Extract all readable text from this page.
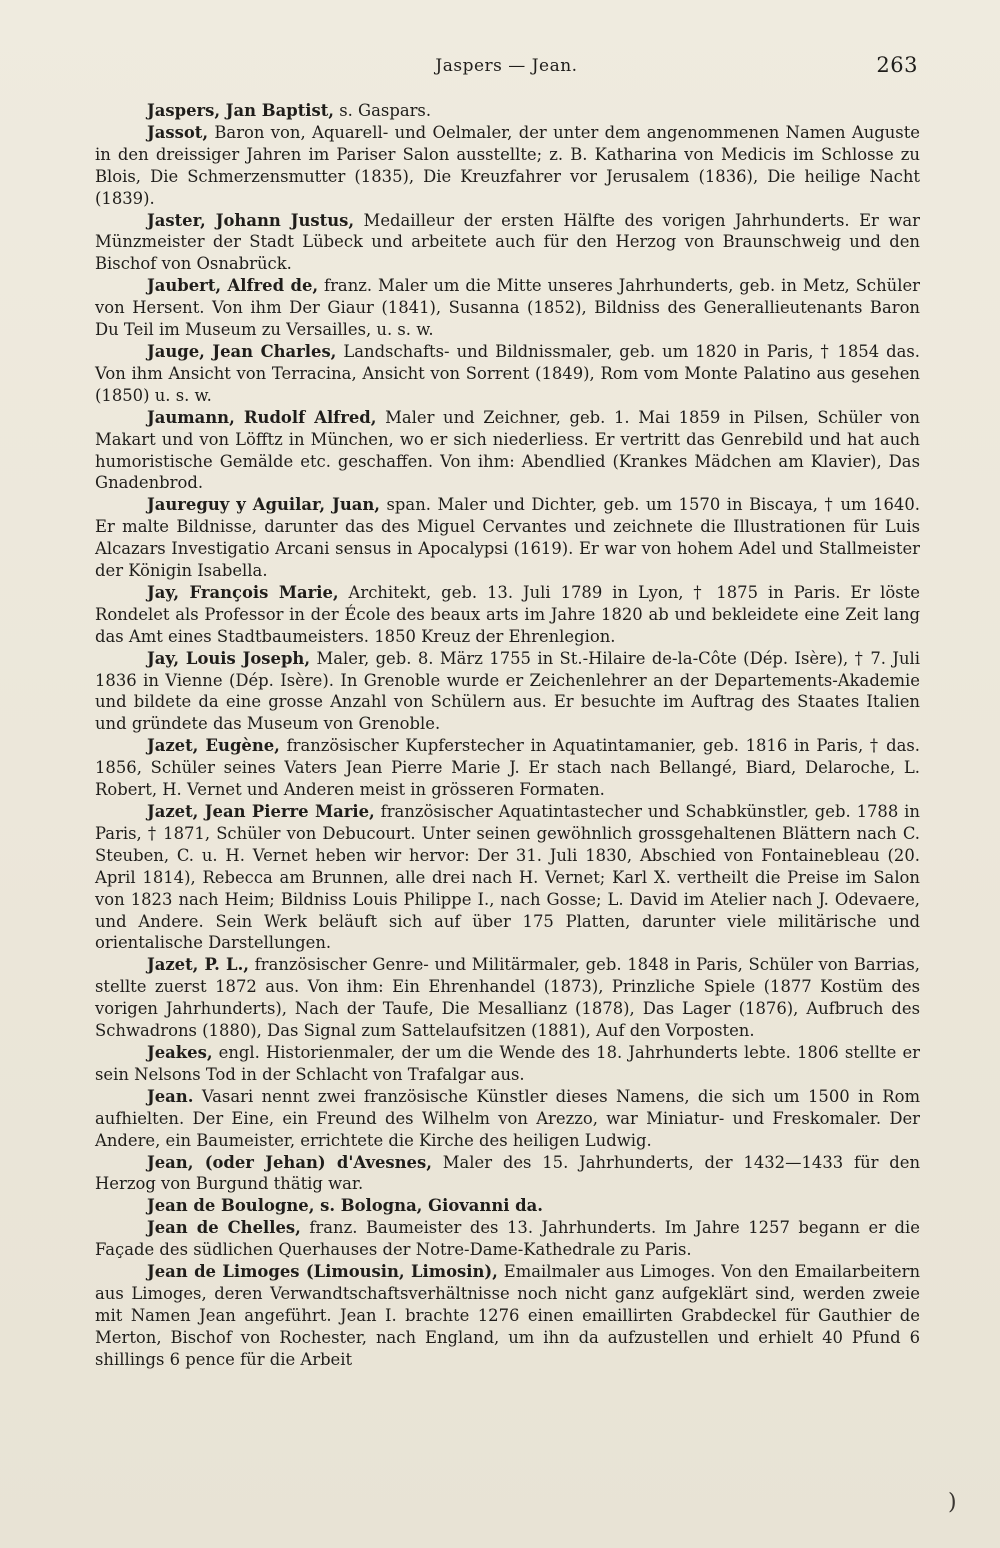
Jaspers — Jean.	263

Jaspers, Jan Baptist, s. Gaspars.

Jassot, Baron von, Aquarell- und Oelmaler, der unter dem angenommenen Namen Auguste in den dreissiger Jahren im Pariser Salon ausstellte; z. B. Katharina von Medicis im Schlosse zu Blois, Die Schmerzensmutter (1835), Die Kreuzfahrer vor Jerusalem (1836), Die heilige Nacht (1839).

Jaster, Johann Justus, Medailleur der ersten Hälfte des vorigen Jahrhunderts. Er war Münzmeister der Stadt Lübeck und arbeitete auch für den Herzog von Braunschweig und den Bischof von Osnabrück.

Jaubert, Alfred de, franz. Maler um die Mitte unseres Jahrhunderts, geb. in Metz, Schüler von Hersent. Von ihm Der Giaur (1841), Susanna (1852), Bildniss des Generallieutenants Baron Du Teil im Museum zu Versailles, u. s. w.

Jauge, Jean Charles, Landschafts- und Bildnissmaler, geb. um 1820 in Paris, † 1854 das. Von ihm Ansicht von Terracina, Ansicht von Sorrent (1849), Rom vom Monte Palatino aus gesehen (1850) u. s. w.

Jaumann, Rudolf Alfred, Maler und Zeichner, geb. 1. Mai 1859 in Pilsen, Schüler von Makart und von Löfftz in München, wo er sich niederliess. Er vertritt das Genrebild und hat auch humoristische Gemälde etc. geschaffen. Von ihm: Abendlied (Krankes Mädchen am Klavier), Das Gnadenbrod.

Jaureguy y Aguilar, Juan, span. Maler und Dichter, geb. um 1570 in Biscaya, † um 1640. Er malte Bildnisse, darunter das des Miguel Cervantes und zeichnete die Illustrationen für Luis Alcazars Investigatio Arcani sensus in Apocalypsi (1619). Er war von hohem Adel und Stallmeister der Königin Isabella.

Jay, François Marie, Architekt, geb. 13. Juli 1789 in Lyon, † 1875 in Paris. Er löste Rondelet als Professor in der École des beaux arts im Jahre 1820 ab und bekleidete eine Zeit lang das Amt eines Stadtbaumeisters. 1850 Kreuz der Ehrenlegion.

Jay, Louis Joseph, Maler, geb. 8. März 1755 in St.-Hilaire de-la-Côte (Dép. Isère), † 7. Juli 1836 in Vienne (Dép. Isère). In Grenoble wurde er Zeichenlehrer an der Departements-Akademie und bildete da eine grosse Anzahl von Schülern aus. Er besuchte im Auftrag des Staates Italien und gründete das Museum von Grenoble.

Jazet, Eugène, französischer Kupferstecher in Aquatintamanier, geb. 1816 in Paris, † das. 1856, Schüler seines Vaters Jean Pierre Marie J. Er stach nach Bellangé, Biard, Delaroche, L. Robert, H. Vernet und Anderen meist in grösseren Formaten.

Jazet, Jean Pierre Marie, französischer Aquatintastecher und Schabkünstler, geb. 1788 in Paris, † 1871, Schüler von Debucourt. Unter seinen gewöhnlich grossgehaltenen Blättern nach C. Steuben, C. u. H. Vernet heben wir hervor: Der 31. Juli 1830, Abschied von Fontainebleau (20. April 1814), Rebecca am Brunnen, alle drei nach H. Vernet; Karl X. vertheilt die Preise im Salon von 1823 nach Heim; Bildniss Louis Philippe I., nach Gosse; L. David im Atelier nach J. Odevaere, und Andere. Sein Werk beläuft sich auf über 175 Platten, darunter viele militärische und orientalische Darstellungen.

Jazet, P. L., französischer Genre- und Militärmaler, geb. 1848 in Paris, Schüler von Barrias, stellte zuerst 1872 aus. Von ihm: Ein Ehrenhandel (1873), Prinzliche Spiele (1877 Kostüm des vorigen Jahrhunderts), Nach der Taufe, Die Mesallianz (1878), Das Lager (1876), Aufbruch des Schwadrons (1880), Das Signal zum Sattelaufsitzen (1881), Auf den Vorposten.

Jeakes, engl. Historienmaler, der um die Wende des 18. Jahrhunderts lebte. 1806 stellte er sein Nelsons Tod in der Schlacht von Trafalgar aus.

Jean. Vasari nennt zwei französische Künstler dieses Namens, die sich um 1500 in Rom aufhielten. Der Eine, ein Freund des Wilhelm von Arezzo, war Miniatur- und Freskomaler. Der Andere, ein Baumeister, errichtete die Kirche des heiligen Ludwig.

Jean, (oder Jehan) d'Avesnes, Maler des 15. Jahrhunderts, der 1432—1433 für den Herzog von Burgund thätig war.

Jean de Boulogne, s. Bologna, Giovanni da.

Jean de Chelles, franz. Baumeister des 13. Jahrhunderts. Im Jahre 1257 begann er die Façade des südlichen Querhauses der Notre-Dame-Kathedrale zu Paris.

Jean de Limoges (Limousin, Limosin), Emailmaler aus Limoges. Von den Emailarbeitern aus Limoges, deren Verwandtschaftsverhältnisse noch nicht ganz aufgeklärt sind, werden zweie mit Namen Jean angeführt. Jean I. brachte 1276 einen emaillirten Grabdeckel für Gauthier de Merton, Bischof von Rochester, nach England, um ihn da aufzustellen und erhielt 40 Pfund 6 shillings 6 pence für die Arbeit

)
